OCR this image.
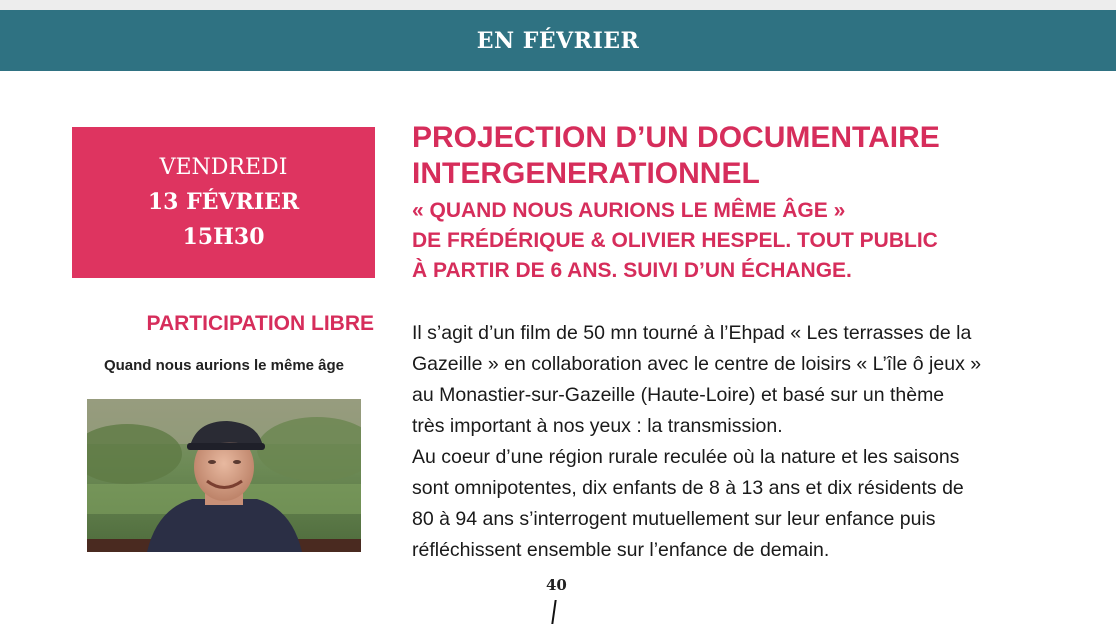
EN FÉVRIER
VENDREDI
13 FÉVRIER
15H30
PARTICIPATION LIBRE
Quand nous aurions le même âge
PROJECTION D’UN DOCUMENTAIRE
INTERGENERATIONNEL
« QUAND NOUS AURIONS LE MÊME ÂGE »
DE FRÉDÉRIQUE & OLIVIER HESPEL. TOUT PUBLIC
À PARTIR DE 6 ANS. SUIVI D’UN ÉCHANGE.

Il s’agit d’un film de 50 mn tourné à l’Ehpad « Les terrasses de la
Gazeille » en collaboration avec le centre de loisirs « L’île ô jeux »
au Monastier-sur-Gazeille (Haute-Loire) et basé sur un thème
très important à nos yeux : la transmission.

Au coeur d’une région rurale reculée où la nature et les saisons
sont omnipotentes, dix enfants de 8 à 13 ans et dix résidents de
80 à 94 ans s’interrogent mutuellement sur leur enfance puis
réfléchissent ensemble sur l’enfance de demain.

40
